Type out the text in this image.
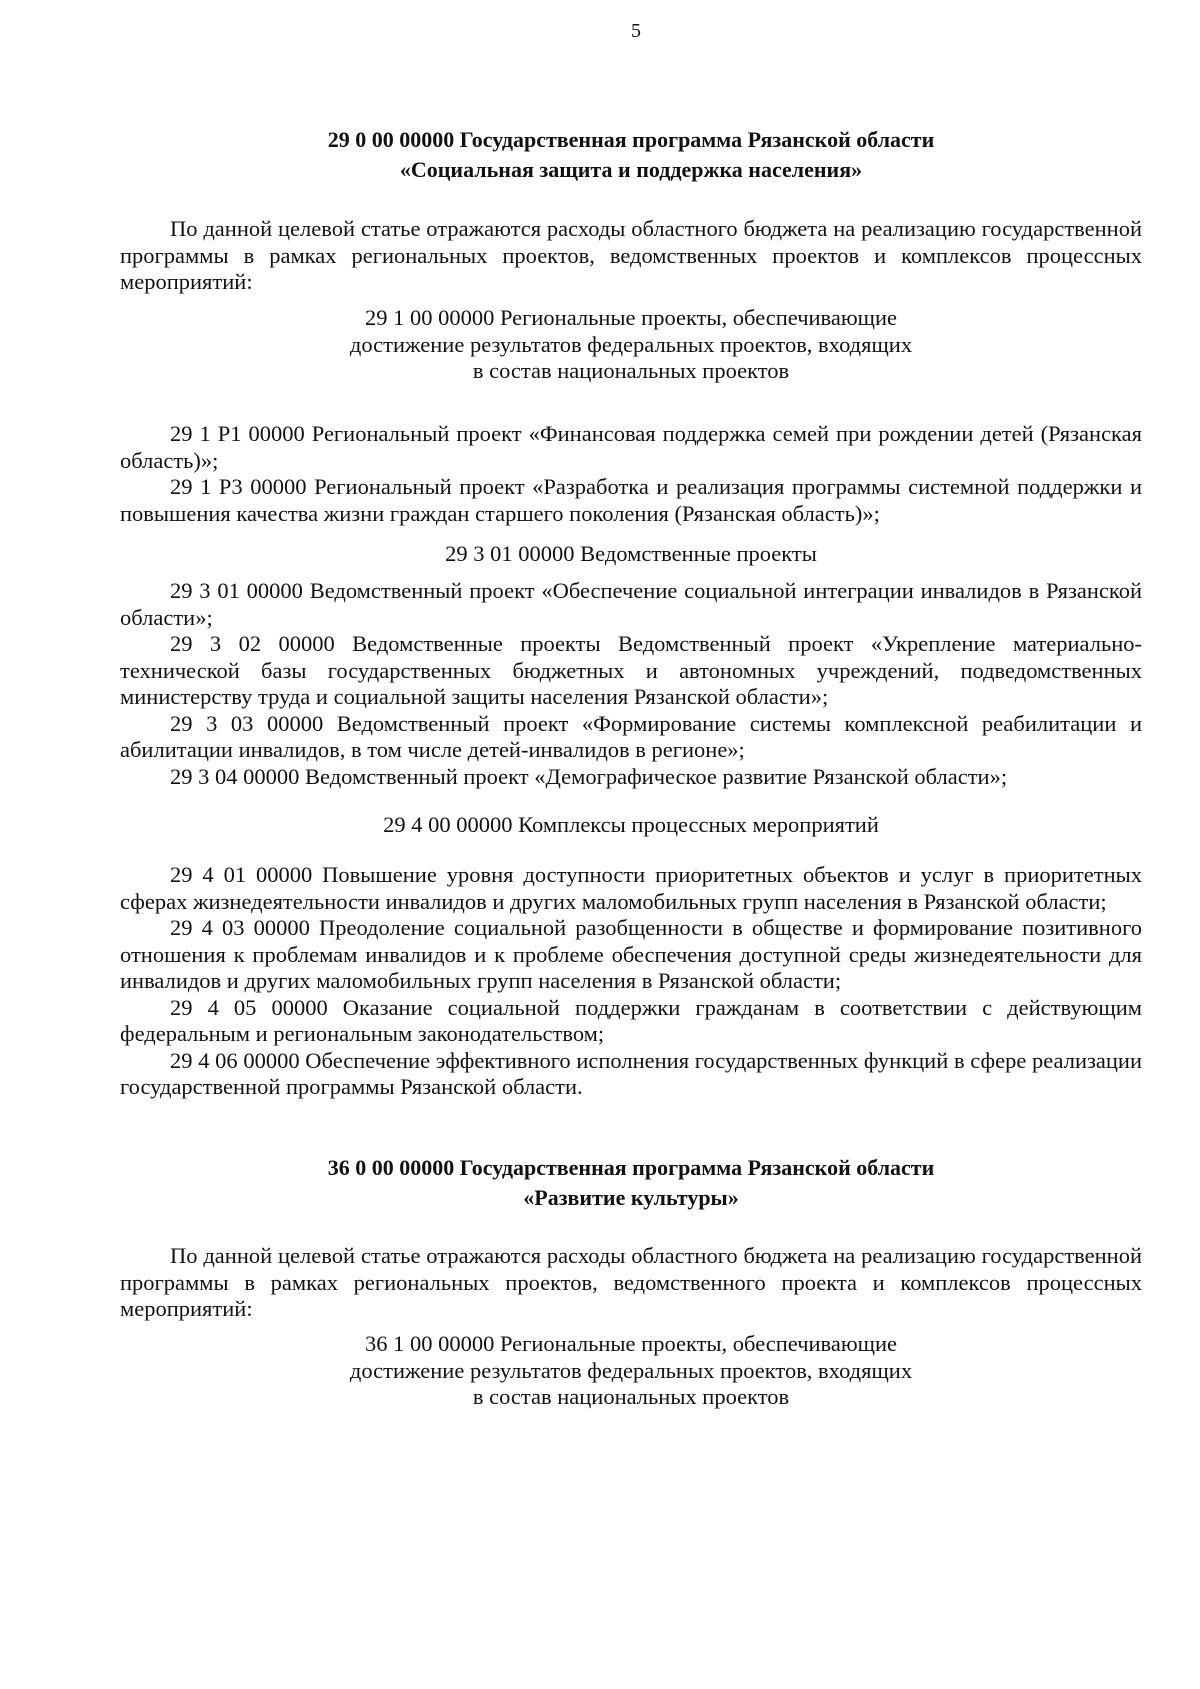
5
29 0 00 00000 Государственная программа Рязанской области
«Социальная защита и поддержка населения»

По данной целевой статье отражаются расходы областного бюджета на реализацию государственной программы в рамках региональных проектов, ведомственных проектов и комплексов процессных мероприятий:

29 1 00 00000 Региональные проекты, обеспечивающие
достижение результатов федеральных проектов, входящих
в состав национальных проектов

29 1 Р1 00000 Региональный проект «Финансовая поддержка семей при рождении детей (Рязанская область)»;

29 1 Р3 00000 Региональный проект «Разработка и реализация программы системной поддержки и повышения качества жизни граждан старшего поколения (Рязанская область)»;

29 3 01 00000 Ведомственные проекты

29 3 01 00000 Ведомственный проект «Обеспечение социальной интеграции инвалидов в Рязанской области»;

29 3 02 00000 Ведомственные проекты Ведомственный проект «Укрепление материально-технической базы государственных бюджетных и автономных учреждений, подведомственных министерству труда и социальной защиты населения Рязанской области»;

29 3 03 00000 Ведомственный проект «Формирование системы комплексной реабилитации и абилитации инвалидов, в том числе детей-инвалидов в регионе»;

29 3 04 00000 Ведомственный проект «Демографическое развитие Рязанской области»;

29 4 00 00000 Комплексы процессных мероприятий

29 4 01 00000 Повышение уровня доступности приоритетных объектов и услуг в приоритетных сферах жизнедеятельности инвалидов и других маломобильных групп населения в Рязанской области;

29 4 03 00000 Преодоление социальной разобщенности в обществе и формирование позитивного отношения к проблемам инвалидов и к проблеме обеспечения доступной среды жизнедеятельности для инвалидов и других маломобильных групп населения в Рязанской области;

29 4 05 00000 Оказание социальной поддержки гражданам в соответствии с действующим федеральным и региональным законодательством;

29 4 06 00000 Обеспечение эффективного исполнения государственных функций в сфере реализации государственной программы Рязанской области.

36 0 00 00000 Государственная программа Рязанской области
«Развитие культуры»

По данной целевой статье отражаются расходы областного бюджета на реализацию государственной программы в рамках региональных проектов, ведомственного проекта и комплексов процессных мероприятий:

36 1 00 00000 Региональные проекты, обеспечивающие
достижение результатов федеральных проектов, входящих
в состав национальных проектов
